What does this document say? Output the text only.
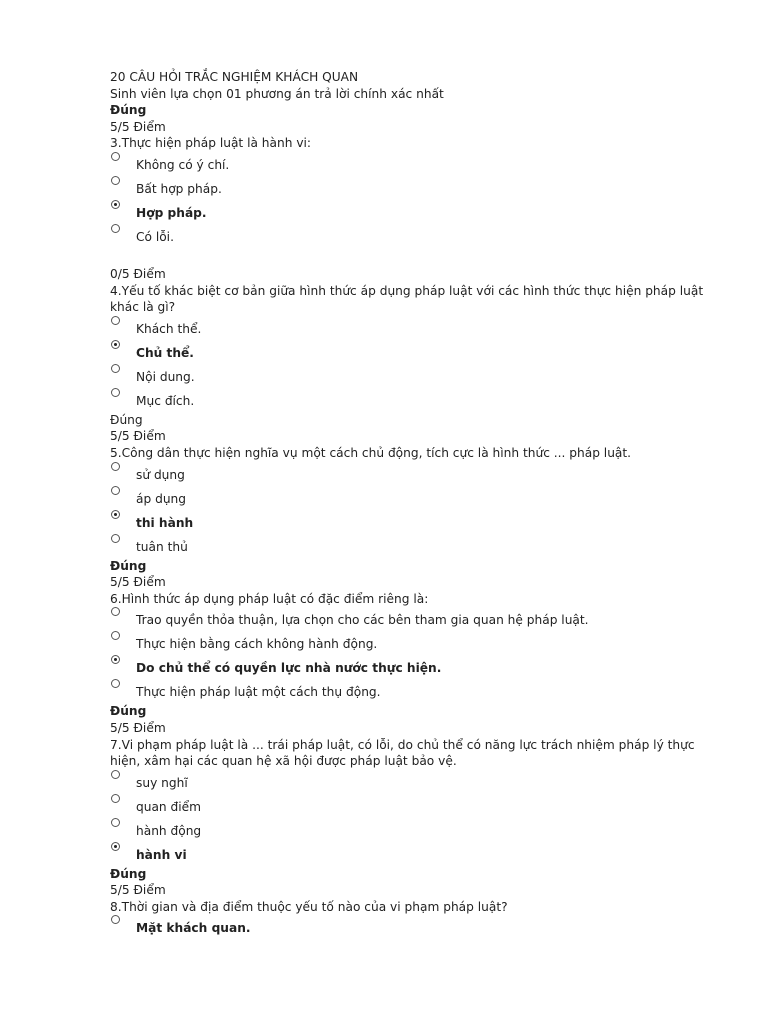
20 CÂU HỎI TRẮC NGHIỆM KHÁCH QUAN
Sinh viên lựa chọn 01 phương án trả lời chính xác nhất
Đúng
5/5 Điểm
3.Thực hiện pháp luật là hành vi:
Không có ý chí.
Bất hợp pháp.
Hợp pháp.
Có lỗi.
0/5 Điểm
4.Yếu tố khác biệt cơ bản giữa hình thức áp dụng pháp luật với các hình thức thực hiện pháp luật khác là gì?
Khách thể.
Chủ thể.
Nội dung.
Mục đích.
Đúng
5/5 Điểm
5.Công dân thực hiện nghĩa vụ một cách chủ động, tích cực là hình thức ... pháp luật.
sử dụng
áp dụng
thi hành
tuân thủ
Đúng
5/5 Điểm
6.Hình thức áp dụng pháp luật có đặc điểm riêng là:
Trao quyền thỏa thuận, lựa chọn cho các bên tham gia quan hệ pháp luật.
Thực hiện bằng cách không hành động.
Do chủ thể có quyền lực nhà nước thực hiện.
Thực hiện pháp luật một cách thụ động.
Đúng
5/5 Điểm
7.Vi phạm pháp luật là ... trái pháp luật, có lỗi, do chủ thể có năng lực trách nhiệm pháp lý thực hiện, xâm hại các quan hệ xã hội được pháp luật bảo vệ.
suy nghĩ
quan điểm
hành động
hành vi
Đúng
5/5 Điểm
8.Thời gian và địa điểm thuộc yếu tố nào của vi phạm pháp luật?
Mặt khách quan.
